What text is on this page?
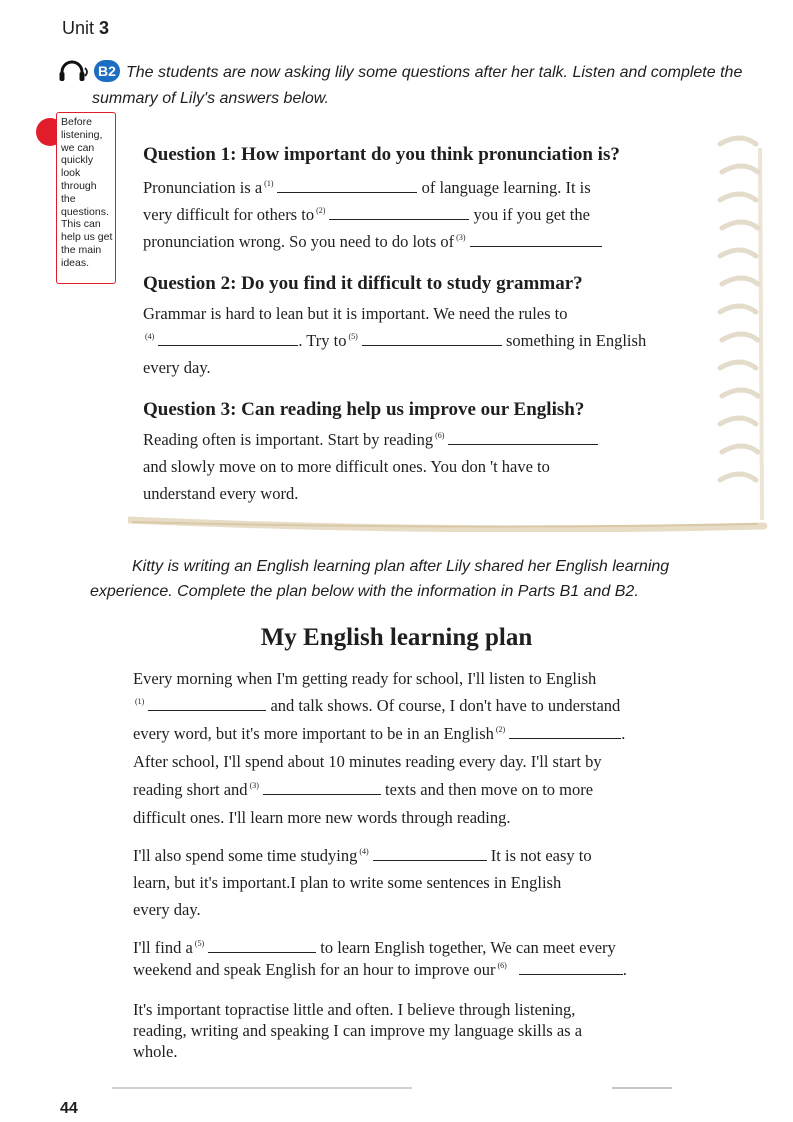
Unit 3
B2 The students are now asking lily some questions after her talk. Listen and complete the summary of Lily's answers below.
Before
listening,
we can
quickly look
through the
questions.
This can
help us get
the main
ideas.
Question 1: How important do you think pronunciation is?
Pronunciation is a $^{(1)}$	of language learning. It is
very difficult for others to $^{(2)}$	you if you get the
pronunciation wrong. So you need to do lots of $^{(3)}$
Question 2: Do you find it difficult to study grammar?
Grammar is hard to lean but it is important. We need the rules to
$^{(4)}$	. Try to $^{(5)}$	something in English
every day.
Question 3: Can reading help us improve our English?
Reading often is important. Start by reading $^{(6)}$
and slowly move on to more difficult ones. You don 't have to
understand every word.
Kitty is writing an English learning plan after Lily shared her English learning experience. Complete the plan below with the information in Parts B1 and B2.
My English learning plan
Every morning when I'm getting ready for school, I'll listen to English
$^{(1)}$	and talk shows. Of course, I don't have to understand
every word, but it's more important to be in an English $^{(2)}$	.
After school, I'll spend about 10 minutes reading every day. I'll start by
reading short and $^{(3)}$	texts and then move on to more
difficult ones. I'll learn more new words through reading.
I'll also spend some time studying $^{(4)}$	It is not easy to
learn, but it's important.I plan to write some sentences in English
every day.
I'll find a $^{(5)}$	to learn English together, We can meet every
weekend and speak English for an hour to improve our $^{(6)}$	.
It's important topractise little and often. I believe through listening,
reading, writing and speaking I can improve my language skills as a
whole.
44
